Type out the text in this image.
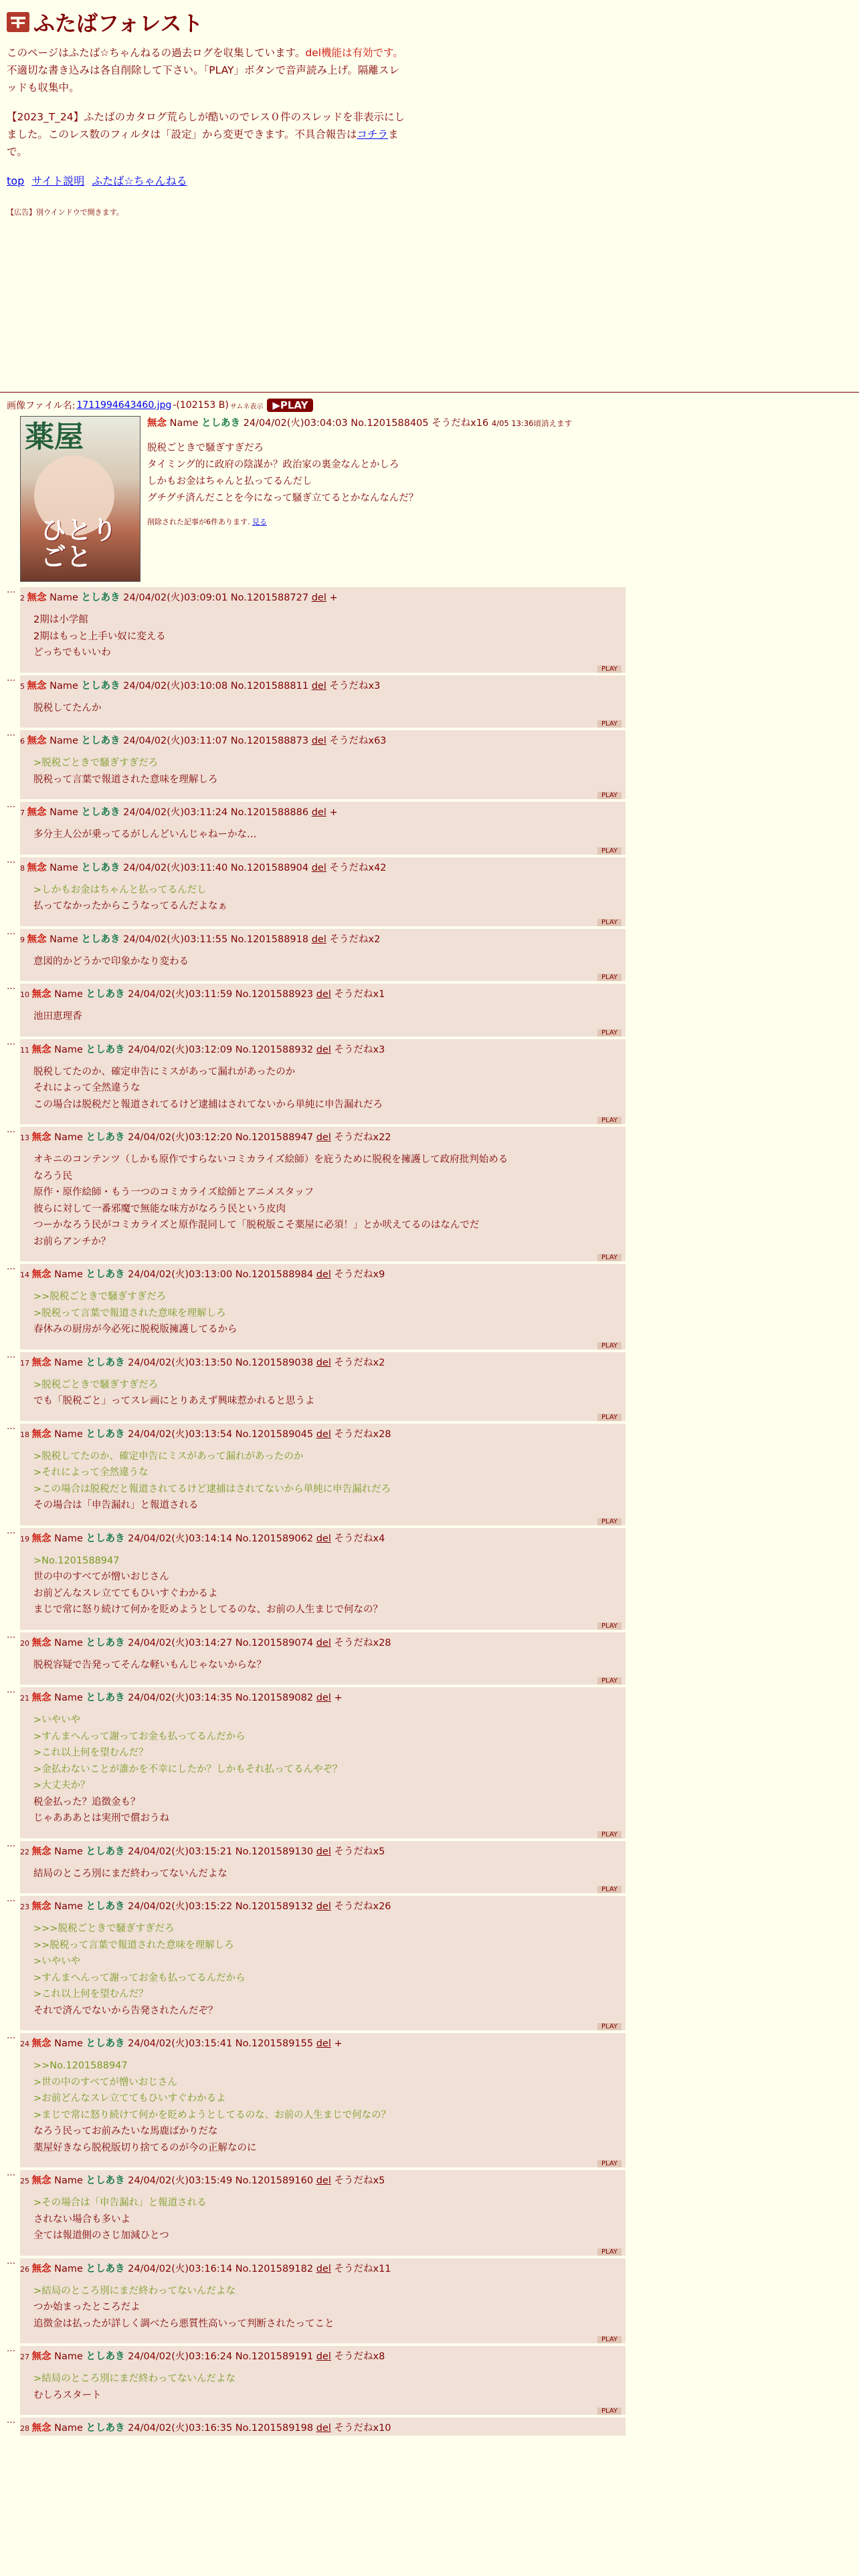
ふたばフォレスト

このページはふたば☆ちゃんねるの過去ログを収集しています。del機能は有効です。不適切な書き込みは各自削除して下さい。「PLAY」ボタンで音声読み上げ。隔離スレッドも収集中。

【2023_T_24】ふたばのカタログ荒らしが酷いのでレス０件のスレッドを非表示にしました。このレス数のフィルタは「設定」から変更できます。不具合報告はコチラまで。

top サイト説明 ふたば☆ちゃんねる
【広告】別ウインドウで開きます。
画像ファイル名: 1711994643460.jpg -(102153 B) サムネ表示 ▶PLAY
薬屋
ひとりごと
無念 Name としあき 24/04/02(火)03:04:03 No.1201588405 そうだねx16 4/05 13:36頃消えます
脱税ごときで騒ぎすぎだろ
タイミング的に政府の陰謀か？政治家の裏金なんとかしろ
しかもお金はちゃんと払ってるんだし
グチグチ済んだことを今になって騒ぎ立てるとかなんなんだ？
削除された記事が6件あります. 見る
…
2 無念 Name としあき 24/04/02(火)03:09:01 No.1201588727 del +
2期は小学館
2期はもっと上手い奴に変える
どっちでもいいわ
PLAY
…
5 無念 Name としあき 24/04/02(火)03:10:08 No.1201588811 del そうだねx3
脱税してたんか
PLAY
…
6 無念 Name としあき 24/04/02(火)03:11:07 No.1201588873 del そうだねx63
>脱税ごときで騒ぎすぎだろ
脱税って言葉で報道された意味を理解しろ
PLAY
…
7 無念 Name としあき 24/04/02(火)03:11:24 No.1201588886 del +
多分主人公が乗ってるがしんどいんじゃねーかな…
PLAY
…
8 無念 Name としあき 24/04/02(火)03:11:40 No.1201588904 del そうだねx42
>しかもお金はちゃんと払ってるんだし
払ってなかったからこうなってるんだよなぁ
PLAY
…
9 無念 Name としあき 24/04/02(火)03:11:55 No.1201588918 del そうだねx2
意図的かどうかで印象かなり変わる
PLAY
…
10 無念 Name としあき 24/04/02(火)03:11:59 No.1201588923 del そうだねx1
池田恵理香
PLAY
…
11 無念 Name としあき 24/04/02(火)03:12:09 No.1201588932 del そうだねx3
脱税してたのか、確定申告にミスがあって漏れがあったのか
それによって全然違うな
この場合は脱税だと報道されてるけど逮捕はされてないから単純に申告漏れだろ
PLAY
…
13 無念 Name としあき 24/04/02(火)03:12:20 No.1201588947 del そうだねx22
オキニのコンテンツ（しかも原作ですらないコミカライズ絵師）を庇うために脱税を擁護して政府批判始める
なろう民
原作・原作絵師・もう一つのコミカライズ絵師とアニメスタッフ
彼らに対して一番邪魔で無能な味方がなろう民という皮肉
つーかなろう民がコミカライズと原作混同して「脱税版こそ薬屋に必須！」とか吠えてるのはなんでだ
お前らアンチか？
PLAY
…
14 無念 Name としあき 24/04/02(火)03:13:00 No.1201588984 del そうだねx9
>>脱税ごときで騒ぎすぎだろ
>脱税って言葉で報道された意味を理解しろ
春休みの厨房が今必死に脱税版擁護してるから
PLAY
…
17 無念 Name としあき 24/04/02(火)03:13:50 No.1201589038 del そうだねx2
>脱税ごときで騒ぎすぎだろ
でも「脱税ごと」ってスレ画にとりあえず興味惹かれると思うよ
PLAY
…
18 無念 Name としあき 24/04/02(火)03:13:54 No.1201589045 del そうだねx28
>脱税してたのか、確定申告にミスがあって漏れがあったのか
>それによって全然違うな
>この場合は脱税だと報道されてるけど逮捕はされてないから単純に申告漏れだろ
その場合は「申告漏れ」と報道される
PLAY
…
19 無念 Name としあき 24/04/02(火)03:14:14 No.1201589062 del そうだねx4
>No.1201588947
世の中のすべてが憎いおじさん
お前どんなスレ立ててもひいすぐわかるよ
まじで常に怒り続けて何かを貶めようとしてるのな、お前の人生まじで何なの？
PLAY
…
20 無念 Name としあき 24/04/02(火)03:14:27 No.1201589074 del そうだねx28
脱税容疑で告発ってそんな軽いもんじゃないからな？
PLAY
…
21 無念 Name としあき 24/04/02(火)03:14:35 No.1201589082 del +
>いやいや
>すんまへんって謝ってお金も払ってるんだから
>これ以上何を望むんだ？
>金払わないことが誰かを不幸にしたか？しかもそれ払ってるんやぞ？
>大丈夫か？
税金払った？追徴金も？
じゃあああとは実刑で償おうね
PLAY
…
22 無念 Name としあき 24/04/02(火)03:15:21 No.1201589130 del そうだねx5
結局のところ別にまだ終わってないんだよな
PLAY
…
23 無念 Name としあき 24/04/02(火)03:15:22 No.1201589132 del そうだねx26
>>>脱税ごときで騒ぎすぎだろ
>>脱税って言葉で報道された意味を理解しろ
>いやいや
>すんまへんって謝ってお金も払ってるんだから
>これ以上何を望むんだ？
それで済んでないから告発されたんだぞ？
PLAY
…
24 無念 Name としあき 24/04/02(火)03:15:41 No.1201589155 del +
>>No.1201588947
>世の中のすべてが憎いおじさん
>お前どんなスレ立ててもひいすぐわかるよ
>まじで常に怒り続けて何かを貶めようとしてるのな、お前の人生まじで何なの？
なろう民ってお前みたいな馬鹿ばかりだな
薬屋好きなら脱税版切り捨てるのが今の正解なのに
PLAY
…
25 無念 Name としあき 24/04/02(火)03:15:49 No.1201589160 del そうだねx5
>その場合は「申告漏れ」と報道される
されない場合も多いよ
全ては報道側のさじ加減ひとつ
PLAY
…
26 無念 Name としあき 24/04/02(火)03:16:14 No.1201589182 del そうだねx11
>結局のところ別にまだ終わってないんだよな
つか始まったところだよ
追徴金は払ったが詳しく調べたら悪質性高いって判断されたってこと
PLAY
…
27 無念 Name としあき 24/04/02(火)03:16:24 No.1201589191 del そうだねx8
>結局のところ別にまだ終わってないんだよな
むしろスタート
PLAY
…
28 無念 Name としあき 24/04/02(火)03:16:35 No.1201589198 del そうだねx10
